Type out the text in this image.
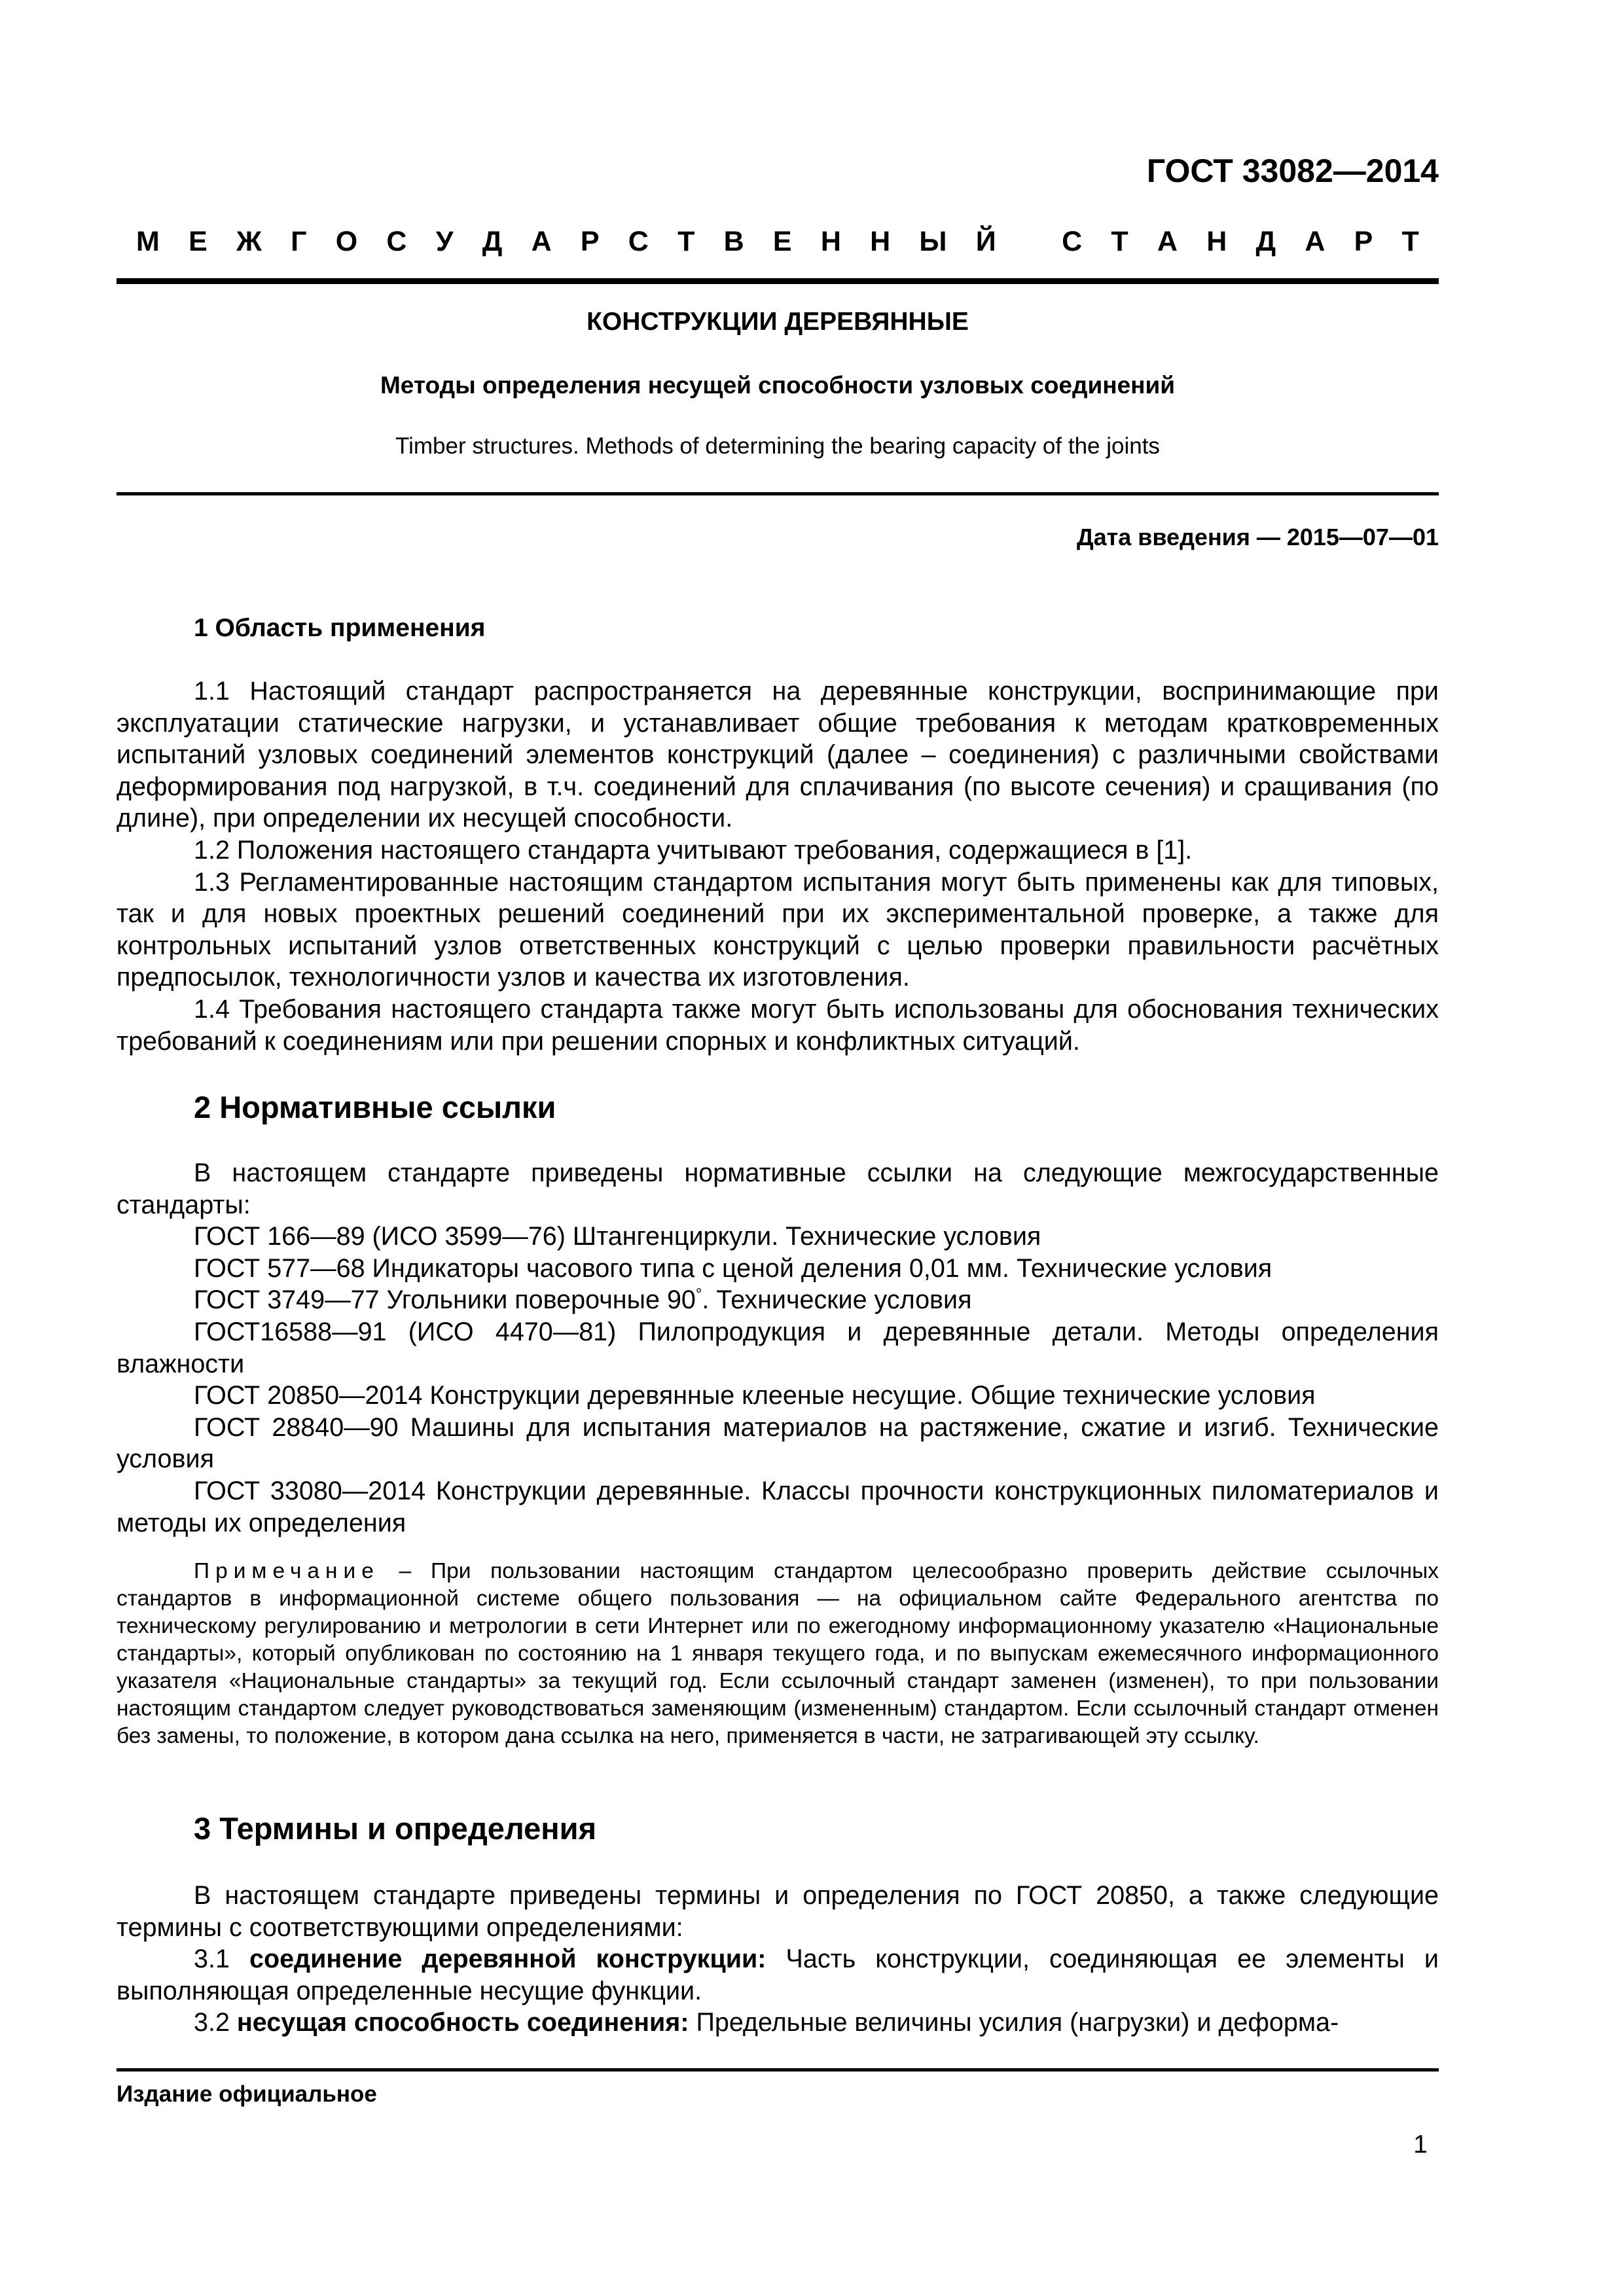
ГОСТ 33082—2014
М Е Ж Г О С У Д А Р С Т В Е Н Н Ы Й
С Т А Н Д А Р Т
КОНСТРУКЦИИ ДЕРЕВЯННЫЕ
Методы определения несущей способности узловых соединений
Timber structures. Methods of determining the bearing capacity of the joints
Дата введения — 2015—07—01
1 Область применения

1.1 Настоящий стандарт распространяется на деревянные конструкции, воспринимающие при эксплуатации статические нагрузки, и устанавливает общие требования к методам кратковременных испытаний узловых соединений элементов конструкций (далее – соединения) с различными свойствами деформирования под нагрузкой, в т.ч. соединений для сплачивания (по высоте сечения) и сращивания (по длине), при определении их несущей способности.

1.2 Положения настоящего стандарта учитывают требования, содержащиеся в [1].

1.3 Регламентированные настоящим стандартом испытания могут быть применены как для типовых, так и для новых проектных решений соединений при их экспериментальной проверке, а также для контрольных испытаний узлов ответственных конструкций с целью проверки правильности расчётных предпосылок, технологичности узлов и качества их изготовления.

1.4 Требования настоящего стандарта также могут быть использованы для обоснования технических требований к соединениям или при решении спорных и конфликтных ситуаций.

2 Нормативные ссылки

В настоящем стандарте приведены нормативные ссылки на следующие межгосударственные стандарты:

ГОСТ 166—89 (ИСО 3599—76) Штангенциркули. Технические условия

ГОСТ 577—68 Индикаторы часового типа с ценой деления 0,01 мм. Технические условия

ГОСТ 3749—77 Угольники поверочные 90°. Технические условия

ГОСТ16588—91 (ИСО 4470—81) Пилопродукция и деревянные детали. Методы определения влажности

ГОСТ 20850—2014 Конструкции деревянные клееные несущие. Общие технические условия

ГОСТ 28840—90 Машины для испытания материалов на растяжение, сжатие и изгиб. Технические условия

ГОСТ 33080—2014 Конструкции деревянные. Классы прочности конструкционных пиломатериалов и методы их определения

Примечание – При пользовании настоящим стандартом целесообразно проверить действие ссылочных стандартов в информационной системе общего пользования — на официальном сайте Федерального агентства по техническому регулированию и метрологии в сети Интернет или по ежегодному информационному указателю «Национальные стандарты», который опубликован по состоянию на 1 января текущего года, и по выпускам ежемесячного информационного указателя «Национальные стандарты» за текущий год. Если ссылочный стандарт заменен (изменен), то при пользовании настоящим стандартом следует руководствоваться заменяющим (измененным) стандартом. Если ссылочный стандарт отменен без замены, то положение, в котором дана ссылка на него, применяется в части, не затрагивающей эту ссылку.

3 Термины и определения

В настоящем стандарте приведены термины и определения по ГОСТ 20850, а также следующие термины с соответствующими определениями:

3.1 соединение деревянной конструкции: Часть конструкции, соединяющая ее элементы и выполняющая определенные несущие функции.

3.2 несущая способность соединения: Предельные величины усилия (нагрузки) и деформа-

Издание официальное
1
